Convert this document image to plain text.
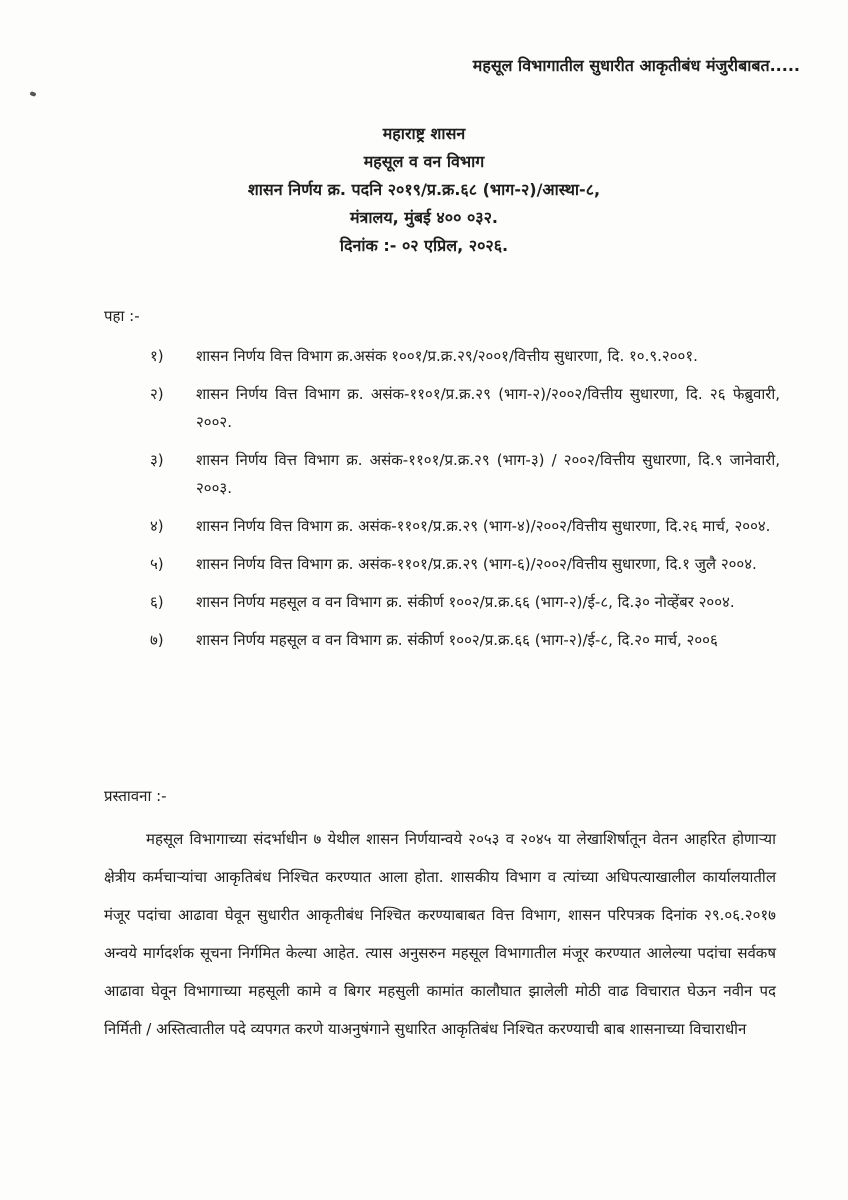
महसूल विभागातील सुधारीत आकृतीबंध मंजुरीबाबत.....
महाराष्ट्र शासन
महसूल व वन विभाग
शासन निर्णय क्र. पदनि २०१९/प्र.क्र.६८ (भाग-२)/आस्था-८,
मंत्रालय, मुंबई ४०० ०३२.
दिनांक :- ०२ एप्रिल, २०२६.
पहा :-
१)	शासन निर्णय वित्त विभाग क्र.असंक १००१/प्र.क्र.२९/२००१/वित्तीय सुधारणा, दि. १०.९.२००१.
२)	शासन निर्णय वित्त विभाग क्र. असंक-११०१/प्र.क्र.२९ (भाग-२)/२००२/वित्तीय सुधारणा, दि. २६ फेब्रुवारी, २००२.
३)	शासन निर्णय वित्त विभाग क्र. असंक-११०१/प्र.क्र.२९ (भाग-३) / २००२/वित्तीय सुधारणा, दि.९ जानेवारी, २००३.
४)	शासन निर्णय वित्त विभाग क्र. असंक-११०१/प्र.क्र.२९ (भाग-४)/२००२/वित्तीय सुधारणा, दि.२६ मार्च, २००४.
५)	शासन निर्णय वित्त विभाग क्र. असंक-११०१/प्र.क्र.२९ (भाग-६)/२००२/वित्तीय सुधारणा, दि.१ जुलै २००४.
६)	शासन निर्णय महसूल व वन विभाग क्र. संकीर्ण १००२/प्र.क्र.६६ (भाग-२)/ई-८, दि.३० नोव्हेंबर २००४.
७)	शासन निर्णय महसूल व वन विभाग क्र. संकीर्ण १००२/प्र.क्र.६६ (भाग-२)/ई-८, दि.२० मार्च, २००६
प्रस्तावना :-

महसूल विभागाच्या संदर्भाधीन ७ येथील शासन निर्णयान्वये २०५३ व २०४५ या लेखाशिर्षातून वेतन आहरित होणाऱ्या क्षेत्रीय कर्मचाऱ्यांचा आकृतिबंध निश्चित करण्यात आला होता. शासकीय विभाग व त्यांच्या अधिपत्याखालील कार्यालयातील मंजूर पदांचा आढावा घेवून सुधारीत आकृतीबंध निश्चित करण्याबाबत वित्त विभाग, शासन परिपत्रक दिनांक २९.०६.२०१७ अन्वये मार्गदर्शक सूचना निर्गमित केल्या आहेत. त्यास अनुसरुन महसूल विभागातील मंजूर करण्यात आलेल्या पदांचा सर्वकष आढावा घेवून विभागाच्या महसूली कामे व बिगर महसुली कामांत कालौघात झालेली मोठी वाढ विचारात घेऊन नवीन पद निर्मिती / अस्तित्वातील पदे व्यपगत करणे याअनुषंगाने सुधारित आकृतिबंध निश्चित करण्याची बाब शासनाच्या विचाराधीन
